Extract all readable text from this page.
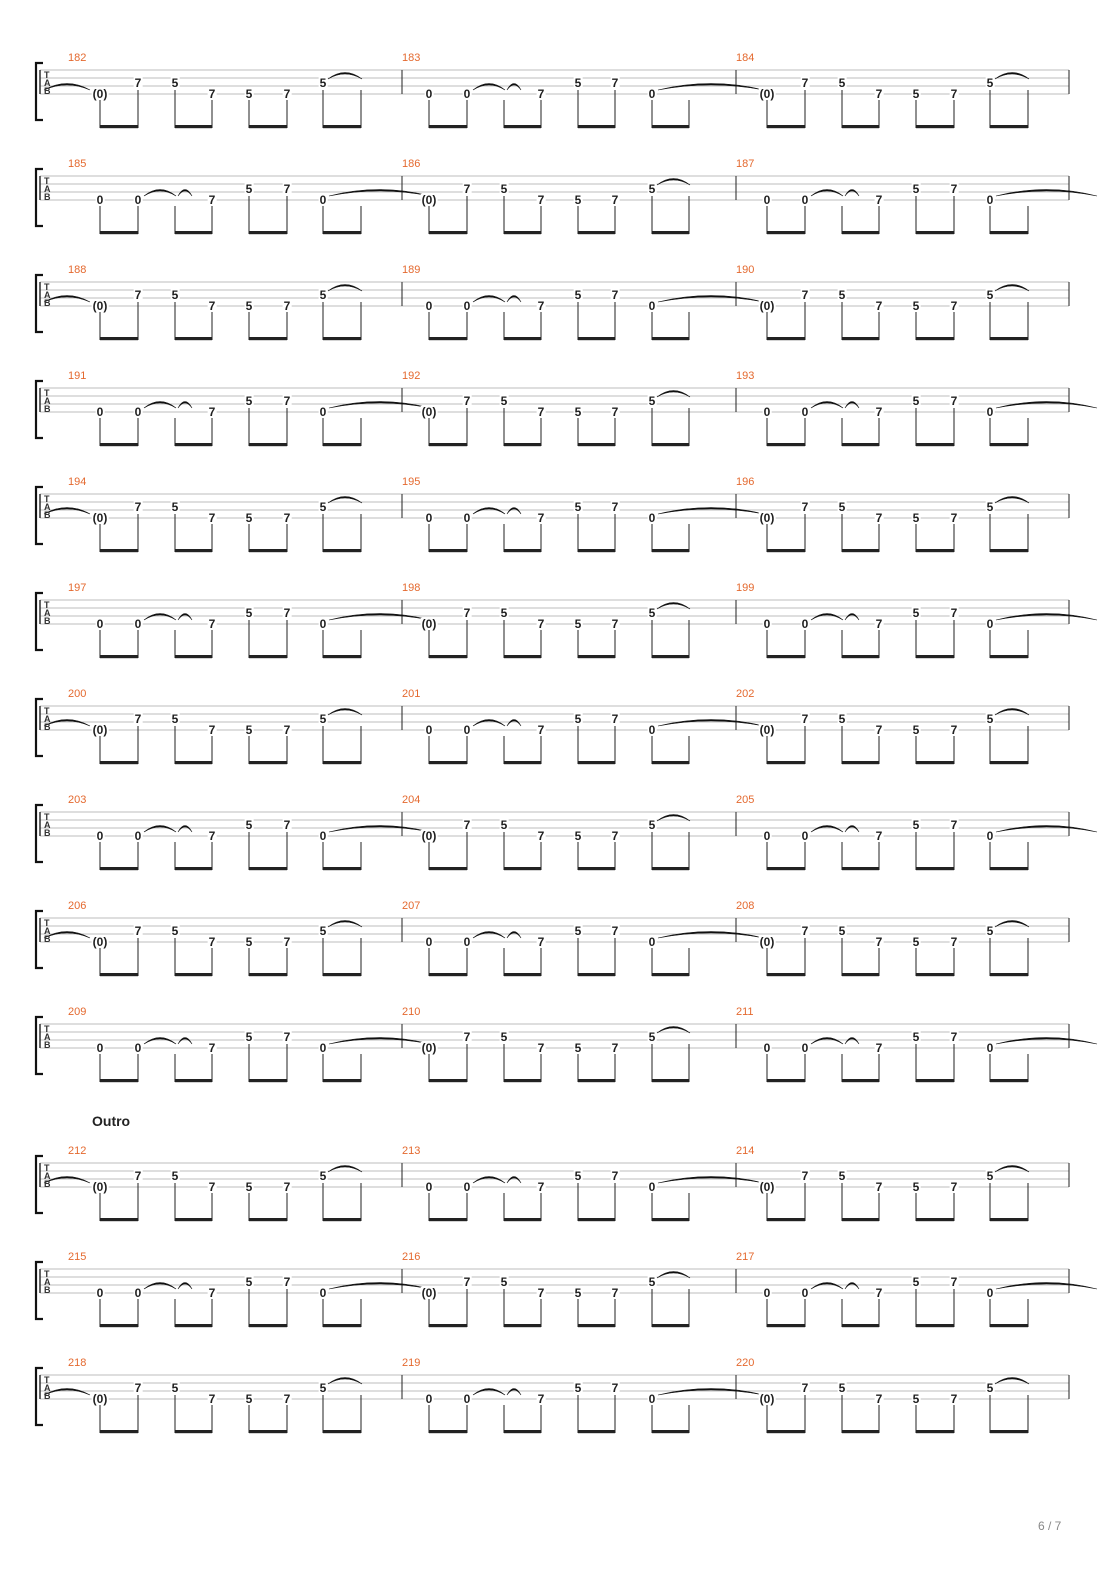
T
A
B
182
(0)
7	5
7	5	7
5
183
0	0	7
5	7
0
184
(0)
7	5
7	5	7
5
T
A
B
185
0	0	7
5	7
0
186
(0)
7	5
7	5	7
5
187
0	0	7
5	7
0
T
A
B
188
(0)
7	5
7	5	7
5
189
0	0	7
5	7
0
190
(0)
7	5
7	5	7
5
T
A
B
191
0	0	7
5	7
0
192
(0)
7	5
7	5	7
5
193
0	0	7
5	7
0
T
A
B
194
(0)
7	5
7	5	7
5
195
0	0	7
5	7
0
196
(0)
7	5
7	5	7
5
T
A
B
197
0	0	7
5	7
0
198
(0)
7	5
7	5	7
5
199
0	0	7
5	7
0
T
A
B
200
(0)
7	5
7	5	7
5
201
0	0	7
5	7
0
202
(0)
7	5
7	5	7
5
T
A
B
203
0	0	7
5	7
0
204
(0)
7	5
7	5	7
5
205
0	0	7
5	7
0
T
A
B
206
(0)
7	5
7	5	7
5
207
0	0	7
5	7
0
208
(0)
7	5
7	5	7
5
T
A
B
209
0	0	7
5	7
0
210
(0)
7	5
7	5	7
5
211
0	0	7
5	7
0
T
A
B
212
(0)
7	5
7	5	7
5
213
0	0	7
5	7
0
214
(0)
7	5
7	5	7
5
T
A
B
215
0	0	7
5	7
0
216
(0)
7	5
7	5	7
5
217
0	0	7
5	7
0
T
A
B
218
(0)
7	5
7	5	7
5
219
0	0	7
5	7
0
220
(0)
7	5
7	5	7
5
Outro
6 / 7
